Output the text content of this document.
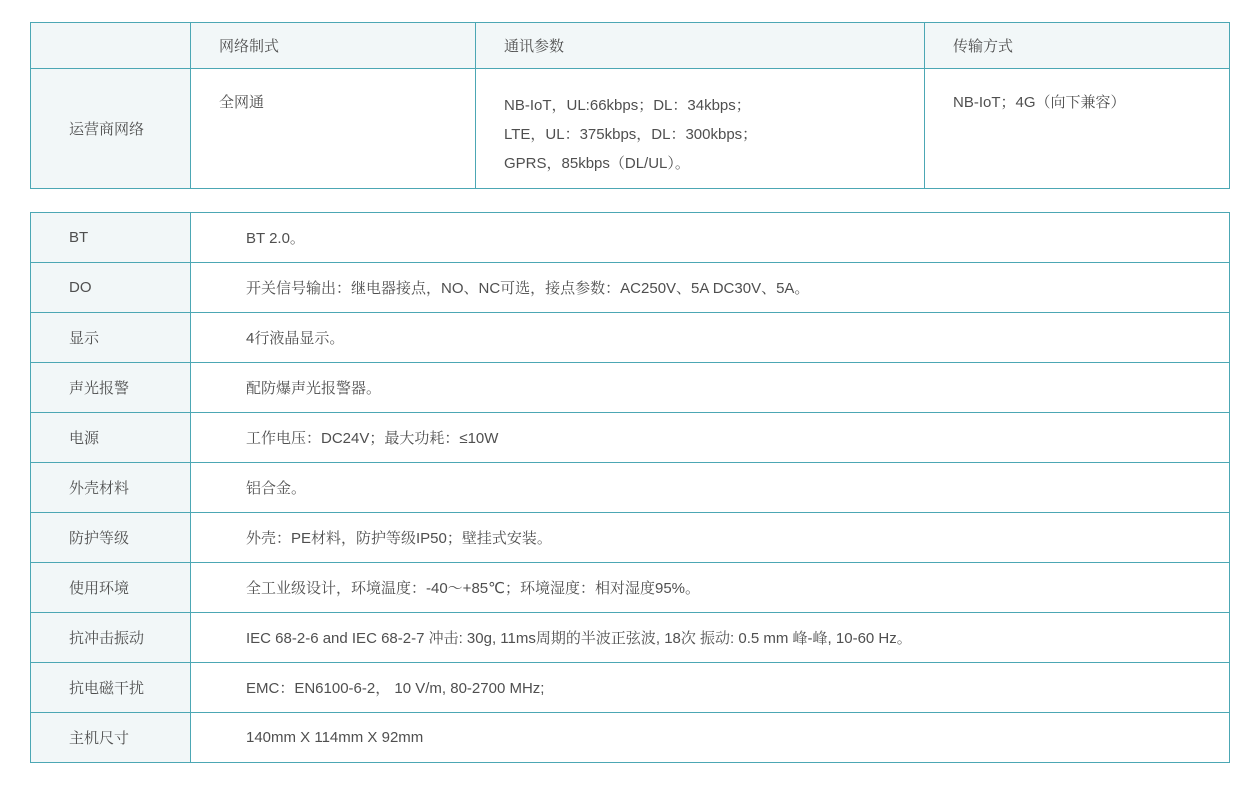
	网络制式	通讯参数	传输方式
运营商网络	全网通	NB-IoT，UL:66kbps；DL：34kbps；
LTE，UL：375kbps，DL：300kbps；
GPRS，85kbps（DL/UL）。	NB-IoT；4G（向下兼容）
BT	BT 2.0。
DO	开关信号输出：继电器接点，NO、NC可选，接点参数：AC250V、5A DC30V、5A。
显示	4行液晶显示。
声光报警	配防爆声光报警器。
电源	工作电压：DC24V；最大功耗：≤10W
外壳材料	铝合金。
防护等级	外壳：PE材料，防护等级IP50；壁挂式安装。
使用环境	全工业级设计，环境温度：-40～+85℃；环境湿度：相对湿度95%。
抗冲击振动	IEC 68-2-6 and IEC 68-2-7 冲击: 30g, 11ms周期的半波正弦波, 18次 振动: 0.5 mm 峰-峰, 10-60 Hz。
抗电磁干扰	EMC：EN6100-6-2， 10 V/m, 80-2700 MHz;
主机尺寸	140mm X 114mm X 92mm
